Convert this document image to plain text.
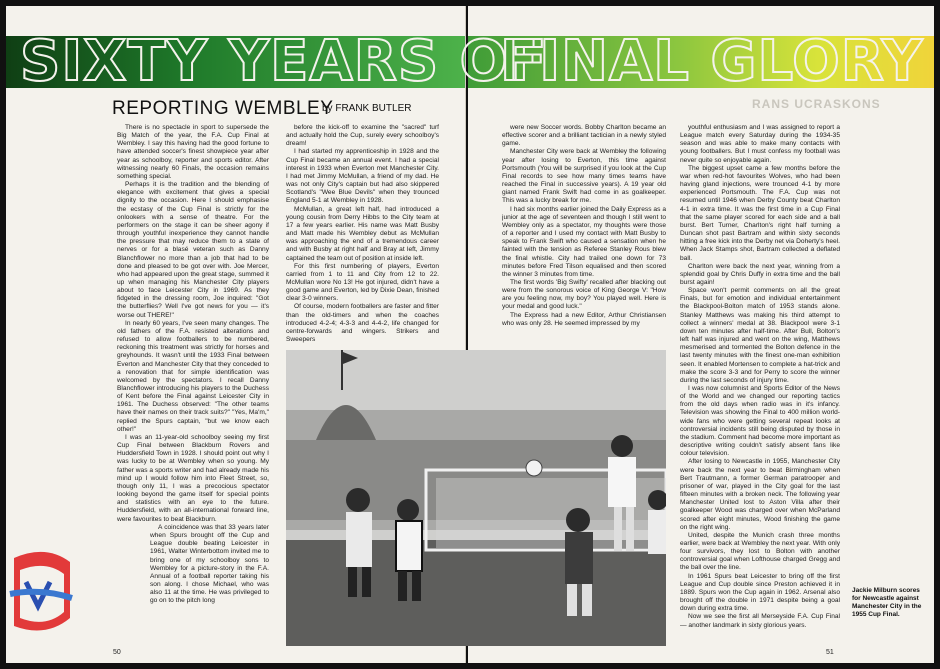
SIXTY YEARS OF
FINAL GLORY
REPORTING WEMBLEY
by FRANK BUTLER	RANS UCRASKONS

There is no spectacle in sport to supersede the Big Match of the year, the F.A. Cup Final at Wembley. I say this having had the good fortune to have attended soccer's finest showpiece year after year as schoolboy, reporter and sports editor. After witnessing nearly 60 Finals, the occasion remains something special.

Perhaps it is the tradition and the blending of elegance with excitement that gives a special dignity to the occasion. Here I should emphasise the ecstasy of the Cup Final is strictly for the onlookers with a sense of theatre. For the performers on the stage it can be sheer agony if through youthful inexperience they cannot handle the pressure that may reduce them to a state of nerves or for a blasé veteran such as Danny Blanchflower no more than a job that had to be done and pleased to be got over with. Joe Mercer, who had appeared upon the great stage, summed it up when managing his Manchester City players about to face Leicester City in 1969. As they fidgeted in the dressing room, Joe inquired: "Got the butterflies? Well I've got news for you — it's worse out THERE!"

In nearly 60 years, I've seen many changes. The old fathers of the F.A. resisted alterations and refused to allow footballers to be numbered, reckoning this treatment was strictly for horses and greyhounds. It wasn't until the 1933 Final between Everton and Manchester City that they conceded to a renovation that for simple identification was welcomed by the spectators. I recall Danny Blanchflower introducing his players to the Duchess of Kent before the Final against Leicester City in 1961. The Duchess observed: "The other teams have their names on their track suits?" "Yes, Ma'm," replied the Spurs captain, "but we know each other!"

I was an 11-year-old schoolboy seeing my first Cup Final between Blackburn Rovers and Huddersfield Town in 1928. I should point out why I was lucky to be at Wembley when so young. My father was a sports writer and had already made his mind up I would follow him into Fleet Street, so, though only 11, I was a precocious spectator looking beyond the game itself for special points and statistics with an eye to the future. Huddersfield, with an all-international forward line, were favourites to beat Blackburn.

A coincidence was that 33 years later when Spurs brought off the Cup and League double beating Leicester in 1961, Walter Winterbottom invited me to bring one of my schoolboy sons to Wembley for a picture-story in the F.A. Annual of a football reporter taking his son along. I chose Michael, who was also 11 at the time. He was privileged to go on to the pitch long

before the kick-off to examine the "sacred" turf and actually hold the Cup, surely every schoolboy's dream!

I had started my apprenticeship in 1928 and the Cup Final became an annual event. I had a special interest in 1933 when Everton met Manchester City. I had met Jimmy McMullan, a friend of my dad. He was not only City's captain but had also skippered Scotland's "Wee Blue Devils" when they trounced England 5-1 at Wembley in 1928.

McMullan, a great left half, had introduced a young cousin from Derry Hibbs to the City team at 17 a few years earlier. His name was Matt Busby and Matt made his Wembley debut as McMullan was approaching the end of a tremendous career and with Busby at right half and Bray at left, Jimmy captained the team out of position at inside left.

For this first numbering of players, Everton carried from 1 to 11 and City from 12 to 22. McMullan wore No 13! He got injured, didn't have a good game and Everton, led by Dixie Dean, finished clear 3-0 winners.

Of course, modern footballers are faster and fitter than the old-timers and when the coaches introduced 4-2-4; 4-3-3 and 4-4-2, life changed for centre-forwards and wingers. Strikers and Sweepers

were new Soccer words. Bobby Charlton became an effective scorer and a brilliant tactician in a newly styled game.

Manchester City were back at Wembley the following year after losing to Everton, this time against Portsmouth (You will be surprised if you look at the Cup Final records to see how many times teams have reached the Final in successive years). A 19 year old giant named Frank Swift had come in as goalkeeper. This was a lucky break for me.

I had six months earlier joined the Daily Express as a junior at the age of seventeen and though I still went to Wembley only as a spectator, my thoughts were those of a reporter and I used my contact with Matt Busby to speak to Frank Swift who caused a sensation when he fainted with the tension as Referee Stanley Rous blew the final whistle. City had trailed one down for 73 minutes before Fred Tilson equalised and then scored the winner 3 minutes from time.

The first words 'Big Swifty' recalled after blacking out were from the sonorous voice of King George V: "How are you feeling now, my boy? You played well. Here is your medal and good luck."

The Express had a new Editor, Arthur Christiansen who was only 28. He seemed impressed by my

youthful enthusiasm and I was assigned to report a League match every Saturday during the 1934-35 season and was able to make many contacts with young footballers. But I must confess my football was never quite so enjoyable again.

The biggest upset came a few months before the war when red-hot favourites Wolves, who had been having gland injections, were trounced 4-1 by more experienced Portsmouth. The F.A. Cup was not resumed until 1946 when Derby County beat Charlton 4-1 in extra time. It was the first time in a Cup Final that the same player scored for each side and a ball burst. Bert Turner, Charlton's right half turning a Duncan shot past Bartram and within sixty seconds hitting a free kick into the Derby net via Doherty's heel. When Jack Stamps shot, Bartram collected a deflated ball.

Charlton were back the next year, winning from a splendid goal by Chris Duffy in extra time and the ball burst again!

Space won't permit comments on all the great Finals, but for emotion and individual entertainment the Blackpool-Bolton match of 1953 stands alone. Stanley Matthews was making his third attempt to collect a winners' medal at 38. Blackpool were 3-1 down ten minutes after half-time. After Bull, Bolton's left half was injured and went on the wing, Matthews mesmerised and tormented the Bolton defence in the last twenty minutes with the finest one-man exhibition seen. It enabled Mortensen to complete a hat-trick and make the score 3-3 and for Perry to score the winner during the last seconds of injury time.

I was now columnist and Sports Editor of the News of the World and we changed our reporting tactics from the old days when radio was in it's infancy. Television was showing the Final to 400 million world-wide fans who were getting several repeat looks at controversial incidents still being disputed by those in the stadium. Comment had become more important as descriptive writing couldn't satisfy absent fans like colour television.

After losing to Newcastle in 1955, Manchester City were back the next year to beat Birmingham when Bert Trautmann, a former German paratrooper and prisoner of war, played in the City goal for the last fifteen minutes with a broken neck. The following year Manchester United lost to Aston Villa after their goalkeeper Wood was charged over when McParland scored after eight minutes, Wood finishing the game on the right wing.

United, despite the Munich crash three months earlier, were back at Wembley the next year. With only four survivors, they lost to Bolton with another controversial goal when Lofthouse charged Gregg and the ball over the line.

In 1961 Spurs beat Leicester to bring off the first League and Cup double since Preston achieved it in 1889. Spurs won the Cup again in 1962. Arsenal also brought off the double in 1971 despite being a goal down during extra time.

Now we see the first all Merseyside F.A. Cup Final — another landmark in sixty glorious years.

Jackie Milburn scores for Newcastle against Manchester City in the 1955 Cup Final.
50	51
